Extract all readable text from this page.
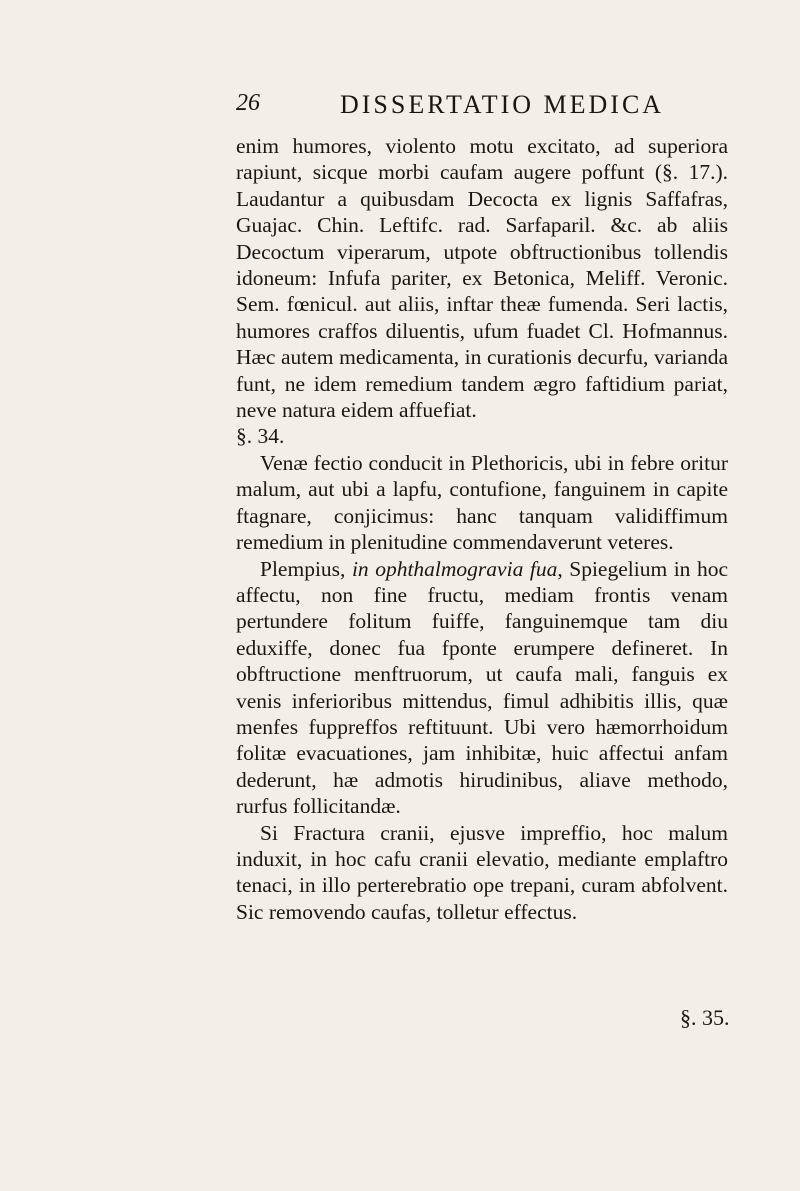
26	DISSERTATIO MEDICA

enim humores, violento motu excitato, ad superiora rapiunt, sicque morbi caufam augere poffunt (§. 17.). Laudantur a quibusdam Decocta ex lignis Saffafras, Guajac. Chin. Leftifc. rad. Sarfaparil. &c. ab aliis Decoctum viperarum, utpote obftructionibus tollendis idoneum: Infufa pariter, ex Betonica, Meliff. Veronic. Sem. fœnicul. aut aliis, inftar theæ fumenda. Seri lactis, humores craffos diluentis, ufum fuadet Cl. Hofmannus. Hæc autem medicamenta, in curationis decurfu, varianda funt, ne idem remedium tandem ægro faftidium pariat, neve natura eidem affuefiat.

§. 34.

Venæ fectio conducit in Plethoricis, ubi in febre oritur malum, aut ubi a lapfu, contufione, fanguinem in capite ftagnare, conjicimus: hanc tanquam validiffimum remedium in plenitudine commendaverunt veteres.

Plempius, in ophthalmogravia fua, Spiegelium in hoc affectu, non fine fructu, mediam frontis venam pertundere folitum fuiffe, fanguinemque tam diu eduxiffe, donec fua fponte erumpere defineret. In obftructione menftruorum, ut caufa mali, fanguis ex venis inferioribus mittendus, fimul adhibitis illis, quæ menfes fuppreffos reftituunt. Ubi vero hæmorrhoidum folitæ evacuationes, jam inhibitæ, huic affectui anfam dederunt, hæ admotis hirudinibus, aliave methodo, rurfus follicitandæ.

Si Fractura cranii, ejusve impreffio, hoc malum induxit, in hoc cafu cranii elevatio, mediante emplaftro tenaci, in illo perterebratio ope trepani, curam abfolvent. Sic removendo caufas, tolletur effectus.

§. 35.
